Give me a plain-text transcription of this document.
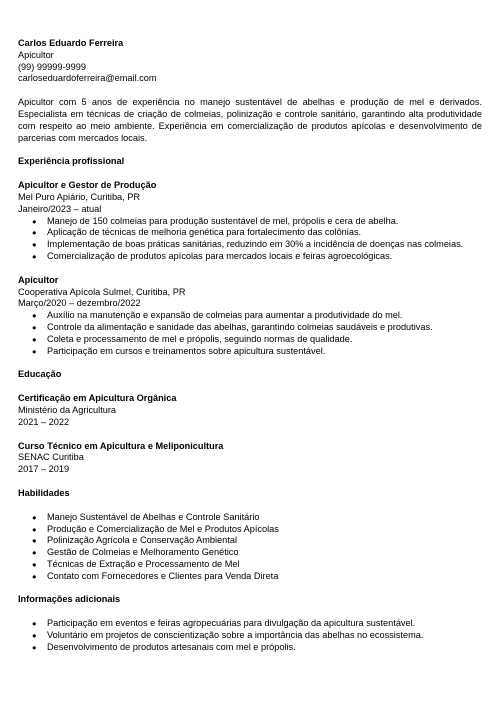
Carlos Eduardo Ferreira
Apicultor
(99) 99999-9999
carloseduardoferreira@email.com

Apicultor com 5 anos de experiência no manejo sustentável de abelhas e produção de mel e derivados. Especialista em técnicas de criação de colmeias, polinização e controle sanitário, garantindo alta produtividade com respeito ao meio ambiente. Experiência em comercialização de produtos apícolas e desenvolvimento de parcerias com mercados locais.

Experiência profissional
Apicultor e Gestor de Produção
Mel Puro Apiário, Curitiba, PR
Janeiro/2023 – atual
● Manejo de 150 colmeias para produção sustentável de mel, própolis e cera de abelha.
● Aplicação de técnicas de melhoria genética para fortalecimento das colônias.
● Implementação de boas práticas sanitárias, reduzindo em 30% a incidência de doenças nas colmeias.
● Comercialização de produtos apícolas para mercados locais e feiras agroecológicas.
Apicultor
Cooperativa Apícola Sulmel, Curitiba, PR
Março/2020 – dezembro/2022
● Auxílio na manutenção e expansão de colmeias para aumentar a produtividade do mel.
● Controle da alimentação e sanidade das abelhas, garantindo colmeias saudáveis e produtivas.
● Coleta e processamento de mel e própolis, seguindo normas de qualidade.
● Participação em cursos e treinamentos sobre apicultura sustentável.
Educação
Certificação em Apicultura Orgânica
Ministério da Agricultura
2021 – 2022
Curso Técnico em Apicultura e Meliponicultura
SENAC Curitiba
2017 – 2019
Habilidades
● Manejo Sustentável de Abelhas e Controle Sanitário
● Produção e Comercialização de Mel e Produtos Apícolas
● Polinização Agrícola e Conservação Ambiental
● Gestão de Colmeias e Melhoramento Genético
● Técnicas de Extração e Processamento de Mel
● Contato com Fornecedores e Clientes para Venda Direta
Informações adicionais
● Participação em eventos e feiras agropecuárias para divulgação da apicultura sustentável.
● Voluntário em projetos de conscientização sobre a importância das abelhas no ecossistema.
● Desenvolvimento de produtos artesanais com mel e própolis.
